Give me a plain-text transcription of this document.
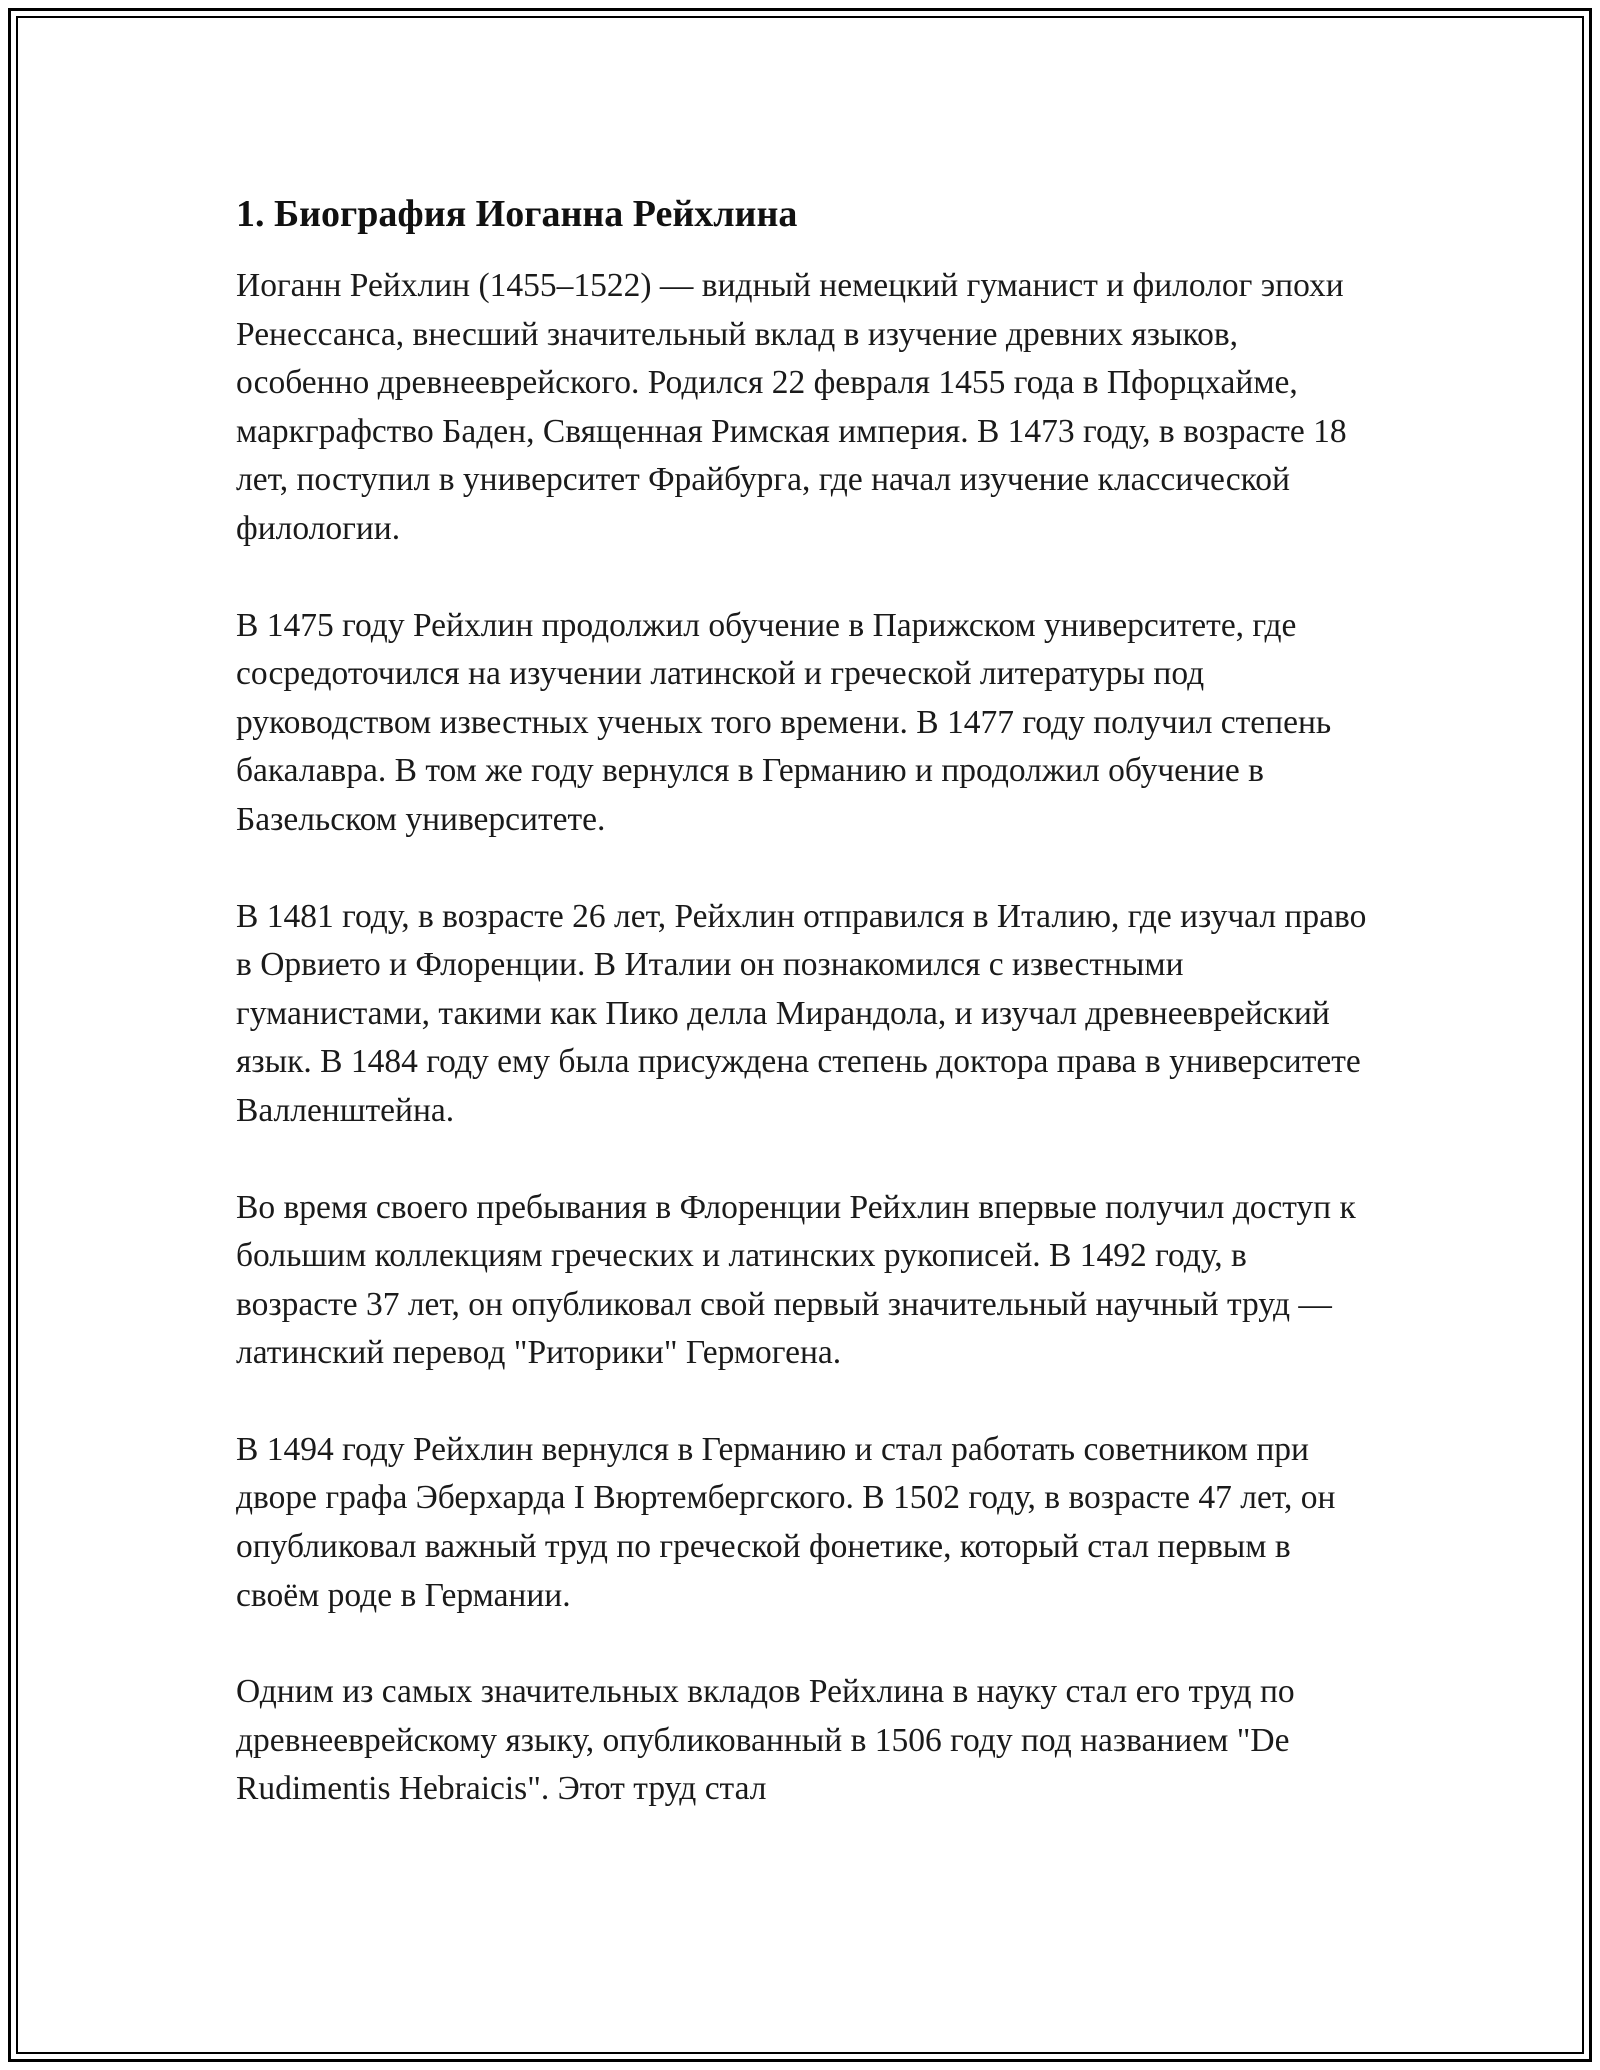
1. Биография Иоганна Рейхлина

Иоганн Рейхлин (1455–1522) — видный немецкий гуманист и филолог эпохи Ренессанса, внесший значительный вклад в изучение древних языков, особенно древнееврейского. Родился 22 февраля 1455 года в Пфорцхайме, маркграфство Баден, Священная Римская империя. В 1473 году, в возрасте 18 лет, поступил в университет Фрайбурга, где начал изучение классической филологии.

В 1475 году Рейхлин продолжил обучение в Парижском университете, где сосредоточился на изучении латинской и греческой литературы под руководством известных ученых того времени. В 1477 году получил степень бакалавра. В том же году вернулся в Германию и продолжил обучение в Базельском университете.

В 1481 году, в возрасте 26 лет, Рейхлин отправился в Италию, где изучал право в Орвието и Флоренции. В Италии он познакомился с известными гуманистами, такими как Пико делла Мирандола, и изучал древнееврейский язык. В 1484 году ему была присуждена степень доктора права в университете Валленштейна.

Во время своего пребывания в Флоренции Рейхлин впервые получил доступ к большим коллекциям греческих и латинских рукописей. В 1492 году, в возрасте 37 лет, он опубликовал свой первый значительный научный труд — латинский перевод "Риторики" Гермогена.

В 1494 году Рейхлин вернулся в Германию и стал работать советником при дворе графа Эберхарда I Вюртембергского. В 1502 году, в возрасте 47 лет, он опубликовал важный труд по греческой фонетике, который стал первым в своём роде в Германии.

Одним из самых значительных вкладов Рейхлина в науку стал его труд по древнееврейскому языку, опубликованный в 1506 году под названием "De Rudimentis Hebraicis". Этот труд стал
